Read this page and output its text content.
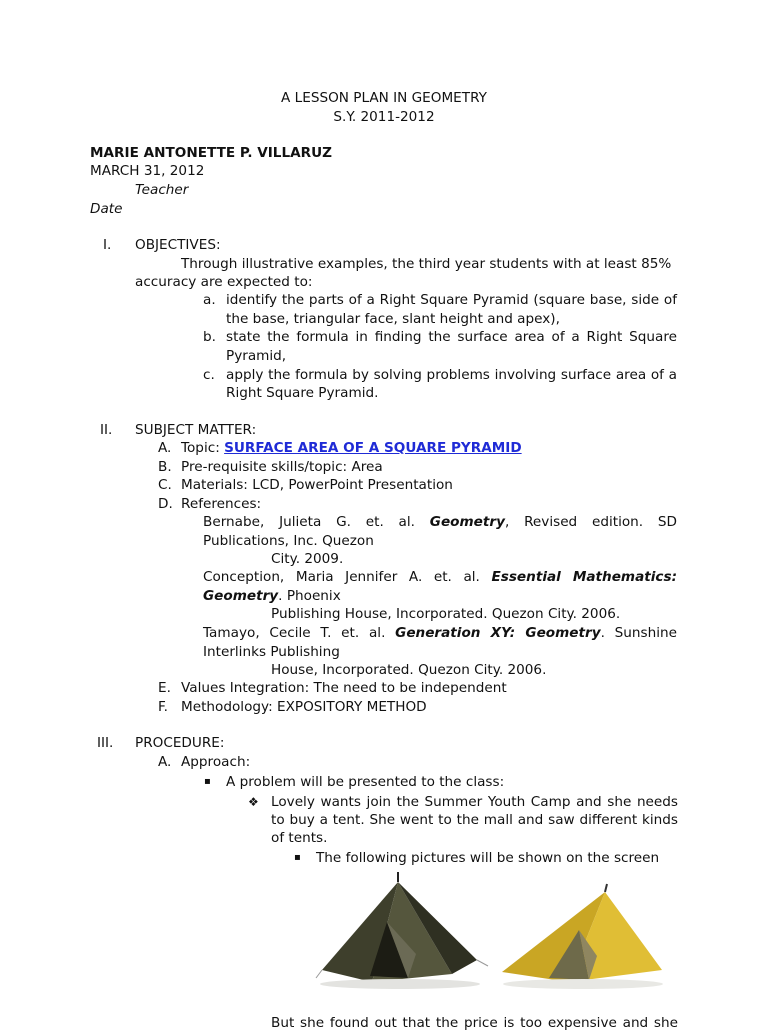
A LESSON PLAN IN GEOMETRY
S.Y. 2011-2012
MARIE ANTONETTE P. VILLARUZ
MARCH 31, 2012
Teacher
Date
I. OBJECTIVES:
Through illustrative examples, the third year students with at least 85%
accuracy are expected to:
a. identify the parts of a Right Square Pyramid (square base, side of
the base, triangular face, slant height and apex),
b. state the formula in finding the surface area of a Right Square
Pyramid,
c. apply the formula by solving problems involving surface area of a
Right Square Pyramid.
II. SUBJECT MATTER:
A. Topic: SURFACE AREA OF A SQUARE PYRAMID
B. Pre-requisite skills/topic: Area
C. Materials: LCD, PowerPoint Presentation
D. References:
Bernabe, Julieta G. et. al. Geometry, Revised edition. SD
Publications, Inc. Quezon
City. 2009.
Conception, Maria Jennifer A. et. al. Essential Mathematics:
Geometry. Phoenix
Publishing House, Incorporated. Quezon City. 2006.
Tamayo, Cecile T. et. al. Generation XY: Geometry. Sunshine
Interlinks Publishing
House, Incorporated. Quezon City. 2006.
E. Values Integration: The need to be independent
F. Methodology: EXPOSITORY METHOD
III. PROCEDURE:
A. Approach:
▪ A problem will be presented to the class:
❖ Lovely wants join the Summer Youth Camp and she needs
to buy a tent. She went to the mall and saw different kinds
of tents.
▪ The following pictures will be shown on the screen
But she found out that the price is too expensive and she
